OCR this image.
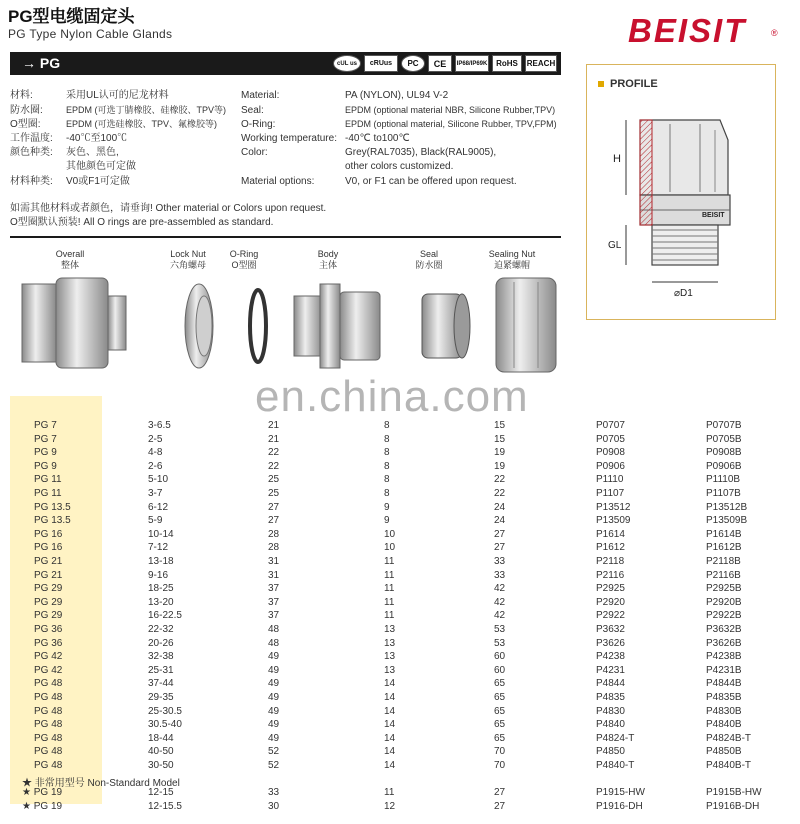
PG型电缆固定头
PG Type Nylon Cable Glands	BEISIT	®
→ PG	cUL us	cRUus	PC	CE	IP68/IP69K	RoHS	REACH
材料:	采用UL认可的尼龙材料
防水圈:	EPDM (可选丁腈橡胶、硅橡胶、TPV等)
O型圈:	EPDM (可选硅橡胶、TPV、氟橡胶等)
工作温度: -40℃至100℃
颜色种类: 灰色、黑色,
其他颜色可定做
材料种类: V0或F1可定做
Material:	PA (NYLON), UL94 V-2
Seal:	EPDM (optional material NBR, Silicone Rubber,TPV)
O-Ring:	EPDM (optional material, Silicone Rubber, TPV,FPM)
Working temperature: -40℃ to100℃
Color:	Grey(RAL7035), Black(RAL9005),
other colors customized.
Material options:	V0, or F1 can be offered upon request.
如需其他材料或者颜色，请垂询! Other material or Colors upon request.
O型圈默认预装! All O rings are pre-assembled as standard.
PROFILE
H
GL
⌀D1
BEISIT
Overall
整体
Lock Nut
六角螺母
O-Ring
O型圈
Body
主体
Seal
防水圈
Sealing Nut
迫紧螺帽
en.china.com
PG 7	3-6.5	21	8	15	P0707	P0707B
PG 7	2-5	21	8	15	P0705	P0705B
PG 9	4-8	22	8	19	P0908	P0908B
PG 9	2-6	22	8	19	P0906	P0906B
PG 11	5-10	25	8	22	P1110	P1110B
PG 11	3-7	25	8	22	P1107	P1107B
PG 13.5	6-12	27	9	24	P13512	P13512B
PG 13.5	5-9	27	9	24	P13509	P13509B
PG 16	10-14	28	10	27	P1614	P1614B
PG 16	7-12	28	10	27	P1612	P1612B
PG 21	13-18	31	11	33	P2118	P2118B
PG 21	9-16	31	11	33	P2116	P2116B
PG 29	18-25	37	11	42	P2925	P2925B
PG 29	13-20	37	11	42	P2920	P2920B
PG 29	16-22.5	37	11	42	P2922	P2922B
PG 36	22-32	48	13	53	P3632	P3632B
PG 36	20-26	48	13	53	P3626	P3626B
PG 42	32-38	49	13	60	P4238	P4238B
PG 42	25-31	49	13	60	P4231	P4231B
PG 48	37-44	49	14	65	P4844	P4844B
PG 48	29-35	49	14	65	P4835	P4835B
PG 48	25-30.5	49	14	65	P4830	P4830B
PG 48	30.5-40	49	14	65	P4840	P4840B
PG 48	18-44	49	14	65	P4824-T	P4824B-T
PG 48	40-50	52	14	70	P4850	P4850B
PG 48	30-50	52	14	70	P4840-T	P4840B-T
★ PG 19	12-15	33	11	27	P1915-HW	P1915B-HW
★ PG 19	12-15.5	30	12	27	P1916-DH	P1916B-DH
★ 非常用型号 Non-Standard Model
